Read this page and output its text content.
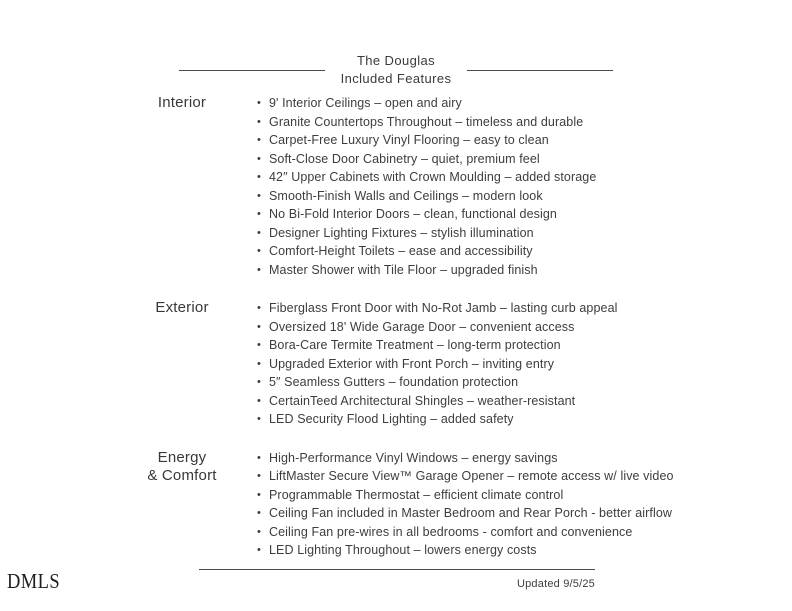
The Douglas
Included Features
Interior	• 9' Interior Ceilings – open and airy
• Granite Countertops Throughout – timeless and durable
• Carpet-Free Luxury Vinyl Flooring – easy to clean
• Soft-Close Door Cabinetry – quiet, premium feel
• 42″ Upper Cabinets with Crown Moulding – added storage
• Smooth-Finish Walls and Ceilings – modern look
• No Bi-Fold Interior Doors – clean, functional design
• Designer Lighting Fixtures – stylish illumination
• Comfort-Height Toilets – ease and accessibility
• Master Shower with Tile Floor – upgraded finish
Exterior	• Fiberglass Front Door with No-Rot Jamb – lasting curb appeal
• Oversized 18' Wide Garage Door – convenient access
• Bora-Care Termite Treatment – long-term protection
• Upgraded Exterior with Front Porch – inviting entry
• 5″ Seamless Gutters – foundation protection
• CertainTeed Architectural Shingles – weather-resistant
• LED Security Flood Lighting – added safety
Energy
& Comfort
• High-Performance Vinyl Windows – energy savings
• LiftMaster Secure View™ Garage Opener – remote access w/ live video
• Programmable Thermostat – efficient climate control
• Ceiling Fan included in Master Bedroom and Rear Porch - better airflow
• Ceiling Fan pre-wires in all bedrooms - comfort and convenience
• LED Lighting Throughout – lowers energy costs
Updated 9/5/25
DMLS
